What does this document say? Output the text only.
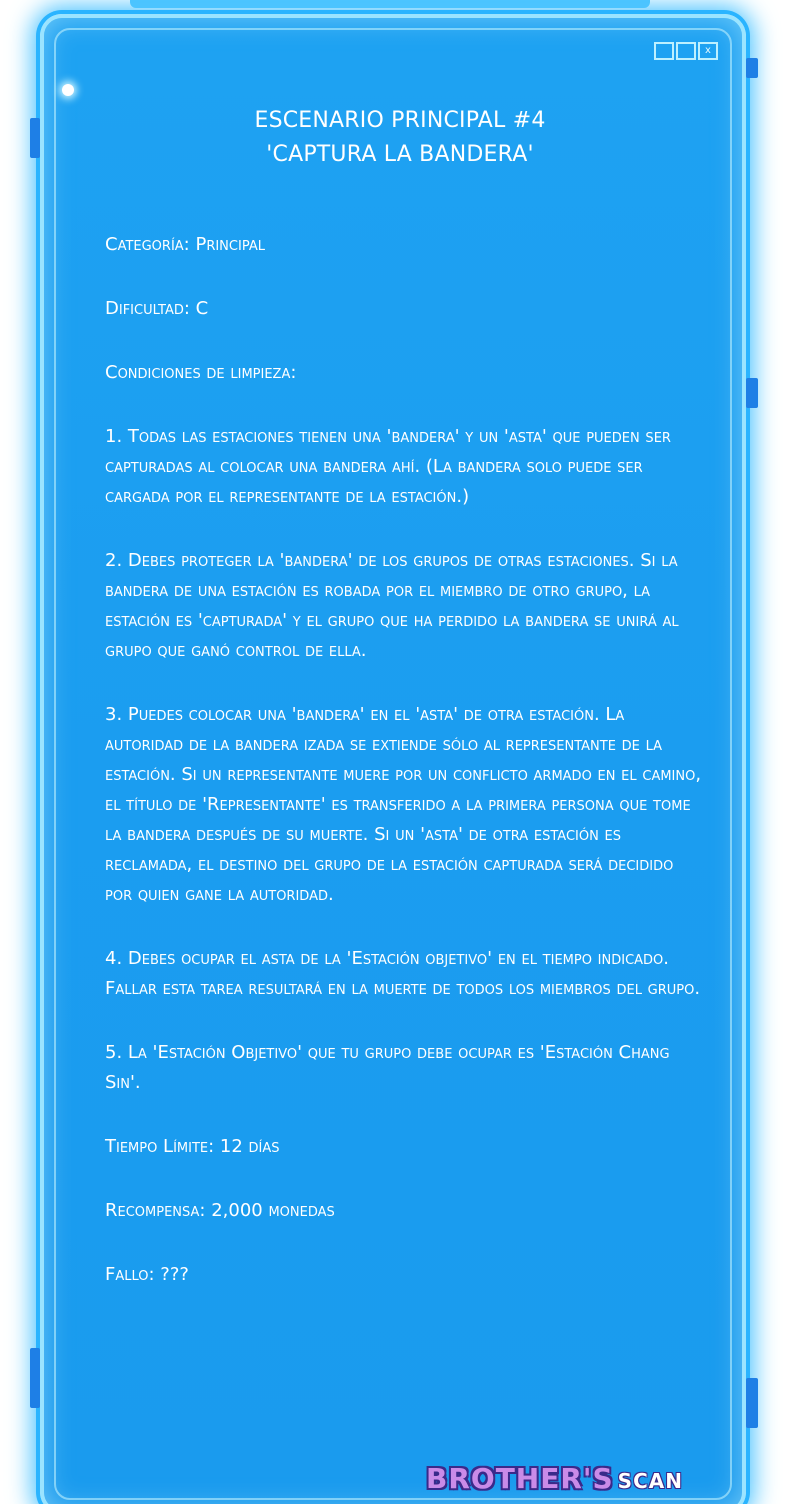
x
ESCENARIO PRINCIPAL #4
'CAPTURA LA BANDERA'

Categoría: Principal

Dificultad: C

Condiciones de limpieza:

1. Todas las estaciones tienen una 'bandera' y un 'asta' que pueden ser capturadas al colocar una bandera ahí. (La bandera solo puede ser cargada por el representante de la estación.)

2. Debes proteger la 'bandera' de los grupos de otras estaciones. Si la bandera de una estación es robada por el miembro de otro grupo, la estación es 'capturada' y el grupo que ha perdido la bandera se unirá al grupo que ganó control de ella.

3. Puedes colocar una 'bandera' en el 'asta' de otra estación. La autoridad de la bandera izada se extiende sólo al representante de la estación. Si un representante muere por un conflicto armado en el camino, el título de 'Representante' es transferido a la primera persona que tome la bandera después de su muerte. Si un 'asta' de otra estación es reclamada, el destino del grupo de la estación capturada será decidido por quien gane la autoridad.

4. Debes ocupar el asta de la 'Estación objetivo' en el tiempo indicado. Fallar esta tarea resultará en la muerte de todos los miembros del grupo.

5. La 'Estación Objetivo' que tu grupo debe ocupar es 'Estación Chang Sin'.

Tiempo Límite: 12 días

Recompensa: 2,000 monedas

Fallo: ???

BROTHER'S SCAN
